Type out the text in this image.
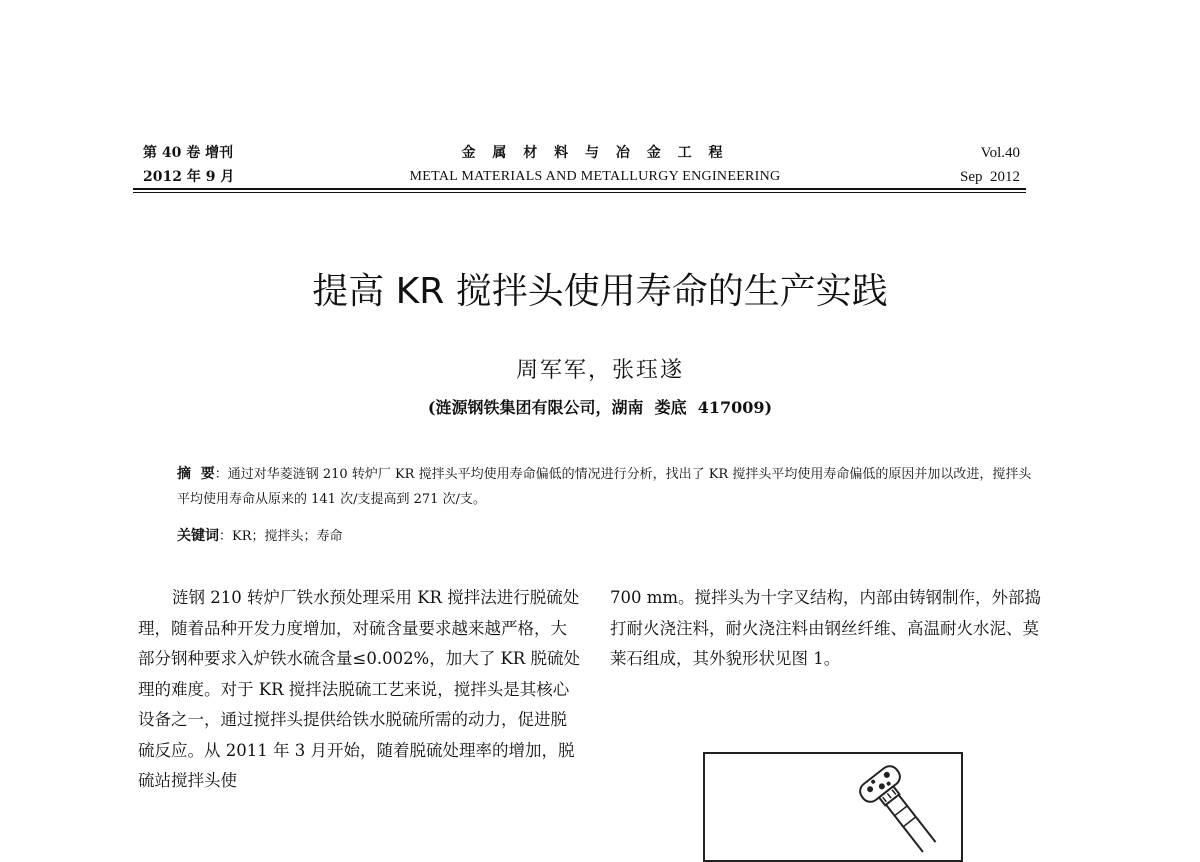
第 40 卷 增刊
2012 年 9 月
金 属 材 料 与 冶 金 工 程
METAL MATERIALS AND METALLURGY ENGINEERING
Vol.40
Sep  2012
提高 KR 搅拌头使用寿命的生产实践
周军军，张珏遂
(涟源钢铁集团有限公司，湖南  娄底  417009)
摘  要：通过对华菱涟钢 210 转炉厂 KR 搅拌头平均使用寿命偏低的情况进行分析，找出了 KR 搅拌头平均使用寿命偏低的原因并加以改进，搅拌头平均使用寿命从原来的 141 次/支提高到 271 次/支。
关键词：KR；搅拌头；寿命
涟钢 210 转炉厂铁水预处理采用 KR 搅拌法进行脱硫处理，随着品种开发力度增加，对硫含量要求越来越严格，大部分钢种要求入炉铁水硫含量≤0.002%，加大了 KR 脱硫处理的难度。对于 KR 搅拌法脱硫工艺来说，搅拌头是其核心设备之一，通过搅拌头提供给铁水脱硫所需的动力，促进脱硫反应。从 2011 年 3 月开始，随着脱硫处理率的增加，脱硫站搅拌头使
700 mm。搅拌头为十字叉结构，内部由铸钢制作，外部捣打耐火浇注料，耐火浇注料由钢丝纤维、高温耐火水泥、莫莱石组成，其外貌形状见图 1。
